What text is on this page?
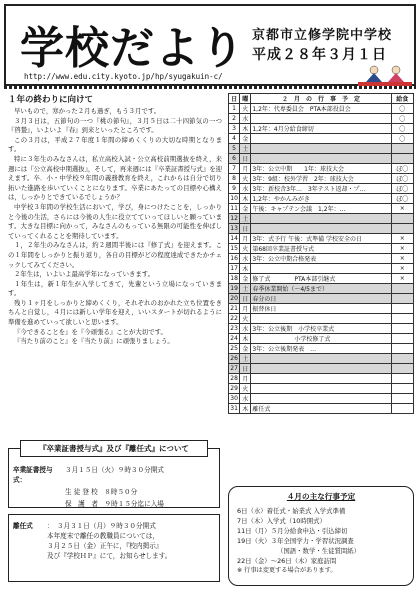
学校だより 京都市立修学院中学校
平成２８年３月１日
http://www.edu.city.kyoto.jp/hp/syugakuin-c/
１年の終わりに向けて

早いもので，寒かった２月も過ぎ，もう３月です。

３月３日は，五節句の一つ『桃の節句』，３月５日は二十四節気の一つ『啓蟄』，いよいよ『春』到来といったところです。

この３月は，平成２７年度１年間の締めくくりの大切な時期となります。

特に３年生のみなさんは，私立高校入試・公立高校前期選抜を終え，来週には『公立高校中期選抜』，そして，再来週には『卒業証書授与式』を迎えます。卒．小・中学校９年間の義務教育を終え，これからは自分で切り拓いた進路を歩いていくことになります。卒業にあたっての目標や心構えは，しっかりとできているでしょうか？

中学校３年間の学校生活において，学び，身につけたことを，しっかりと今後の生活，さらには今後の人生に役立てていってほしいと願っています。大きな目標に向かって，みなさんのもっている無限の可能性を伸ばしていってくれることを期待しています。

１，２年生のみなさんは，約２週間半後には『修了式』を迎えます。この１年間をしっかりと振り返り，各自の目標がどの程度達成できたかチェックしてみてください。

２年生は，いよいよ最高学年になっていきます。

１年生は，新１年生が入学してきて，先輩という立場になっていきます。

残り１ヶ月をしっかりと締めくくり，それぞれのおかれた立ち位置をきちんと自覚し，４月には新しい学年を迎え，いいスタートが切れるように準備を進めていって欲しいと思います。

『今できることを』を『今頑張る』ことが大切です。

『当たり前のこと』を『当たり前』に頑張りましょう。

卒業証書授与式：
３月１５日（火）９時３０分開式
生 徒 登 校　８時５０分
保　護　者　９時１５分迄に入場
『卒業証書授与式』及び『離任式』について
離任式	：　３月３１日（月）９時３０分開式
本年度末で離任の教職員については，
３月２５日（金）正午に，『校内掲示』
及び『学校ＨＰ』にて，お知らせします。
日	曜	２　月　の　行　事　予　定	給食
1	火	1,2年：代専委員会　PTA本部役員会	〇
2	水		〇
3	木	1,2年：4月分給食締切	〇
4	金		〇
5	土		
6	日		
7	月	3年：公立中期　　1年：球技大会	ぼ〇
8	火	3年：9組：校外学習　2年：球技大会	ぼ〇
9	水	3年：新校舎3年…　3年テスト返却・プ…	ぼ〇
10	木	1,2年：やかんみがき	ぼ〇
11	金	午後：キャプテン会議　1,2年：…	×
12	土		
13	日		
14	月	3年：式予行 午後：式準備 学校安全の日	×
15	火	第68回卒業証書授与式	×
16	水	3年：公立中期合格発表	×
17	木		×
18	金	修了式　　　　PTA本部引継式	×
19	土	春季休業開始（～4/5まで）	
20	日	春分の日	
21	月	振替休日	
22	火		
23	水	3年：公立後期　小学校卒業式	
24	木	　　　　　　　小学校修了式	
25	金	3年：公立後期発表　…	
26	土		
27	日		
28	月		
29	火		
30	水		
31	木	離任式	
４月の主な行事予定
6日（水）着任式・始業式 入学式準備
7日（木）入学式（10時開式）
11日（月）５月分給食申込・引込締切
19日（火）３年全国学力・学習状況調査
（国語・数学・生徒質問紙）
22日（金）～26日（木）家庭訪問
※ 行事は変更する場合があります。
